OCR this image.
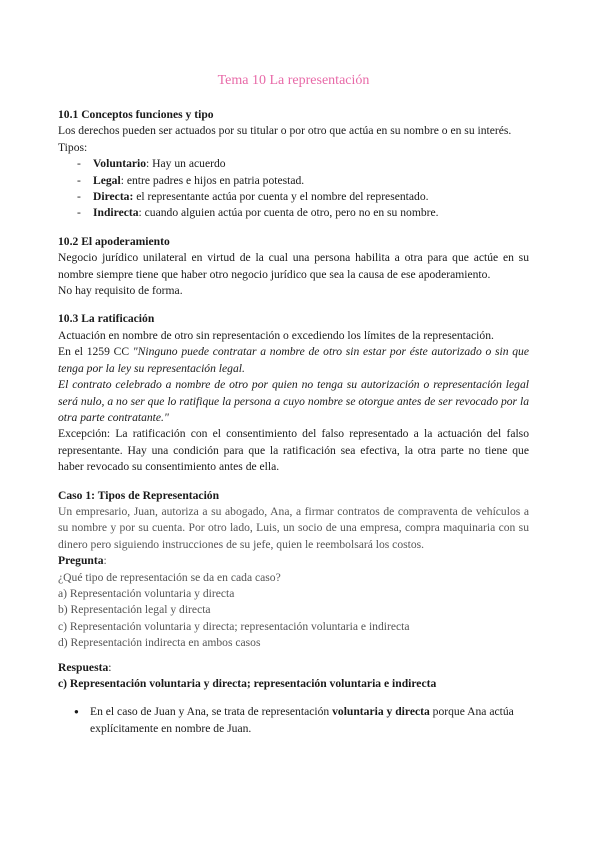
Tema 10 La representación
10.1 Conceptos funciones y tipo

Los derechos pueden ser actuados por su titular o por otro que actúa en su nombre o en su interés.

Tipos:

- Voluntario: Hay un acuerdo
- Legal: entre padres e hijos en patria potestad.
- Directa: el representante actúa por cuenta y el nombre del representado.
- Indirecta: cuando alguien actúa por cuenta de otro, pero no en su nombre.
10.2 El apoderamiento

Negocio jurídico unilateral en virtud de la cual una persona habilita a otra para que actúe en su nombre siempre tiene que haber otro negocio jurídico que sea la causa de ese apoderamiento.

No hay requisito de forma.

10.3 La ratificación

Actuación en nombre de otro sin representación o excediendo los límites de la representación.

En el 1259 CC "Ninguno puede contratar a nombre de otro sin estar por éste autorizado o sin que tenga por la ley su representación legal.

El contrato celebrado a nombre de otro por quien no tenga su autorización o representación legal será nulo, a no ser que lo ratifique la persona a cuyo nombre se otorgue antes de ser revocado por la otra parte contratante."

Excepción: La ratificación con el consentimiento del falso representado a la actuación del falso representante. Hay una condición para que la ratificación sea efectiva, la otra parte no tiene que haber revocado su consentimiento antes de ella.

Caso 1: Tipos de Representación

Un empresario, Juan, autoriza a su abogado, Ana, a firmar contratos de compraventa de vehículos a su nombre y por su cuenta. Por otro lado, Luis, un socio de una empresa, compra maquinaria con su dinero pero siguiendo instrucciones de su jefe, quien le reembolsará los costos.

Pregunta:

¿Qué tipo de representación se da en cada caso?

a) Representación voluntaria y directa

b) Representación legal y directa

c) Representación voluntaria y directa; representación voluntaria e indirecta

d) Representación indirecta en ambos casos

Respuesta:

c) Representación voluntaria y directa; representación voluntaria e indirecta

● En el caso de Juan y Ana, se trata de representación voluntaria y directa porque Ana actúa explícitamente en nombre de Juan.
